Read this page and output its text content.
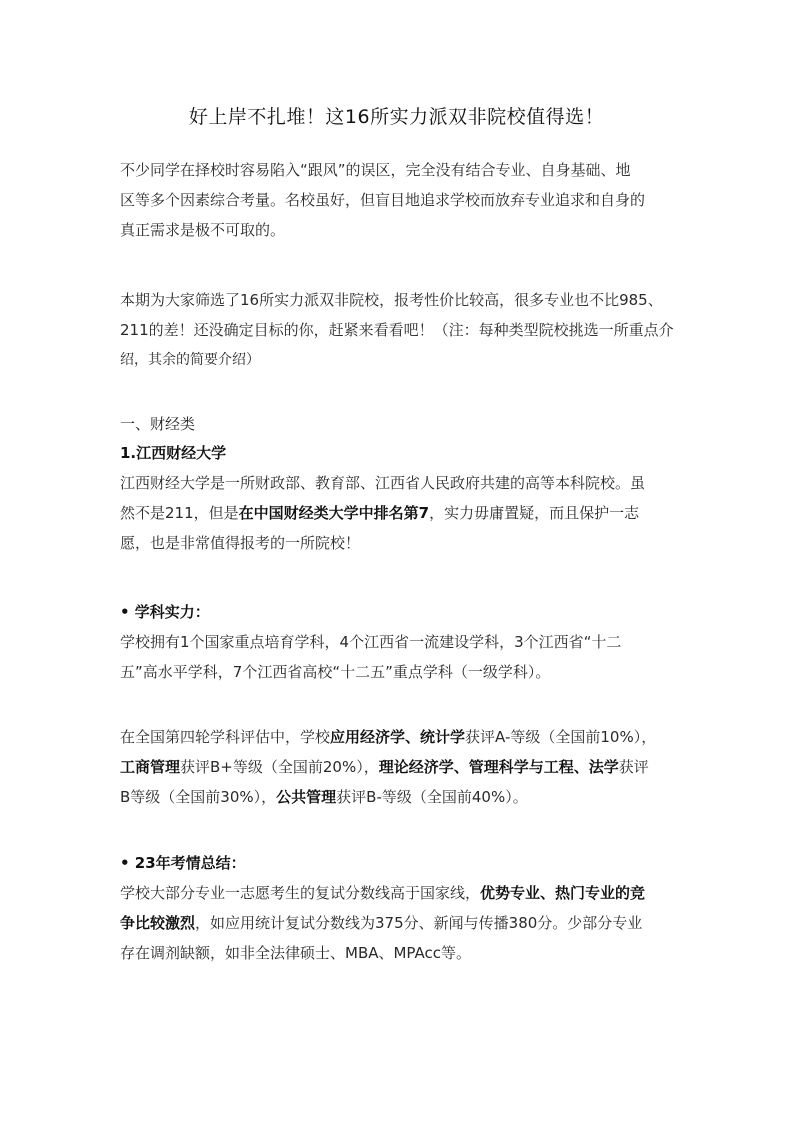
好上岸不扎堆！这16所实力派双非院校值得选！

不少同学在择校时容易陷入“跟风”的误区，完全没有结合专业、自身基础、地

区等多个因素综合考量。名校虽好，但盲目地追求学校而放弃专业追求和自身的

真正需求是极不可取的。

本期为大家筛选了16所实力派双非院校，报考性价比较高，很多专业也不比985、

211的差！还没确定目标的你，赶紧来看看吧！（注：每种类型院校挑选一所重点介

绍，其余的简要介绍）

一、财经类
1.江西财经大学

江西财经大学是一所财政部、教育部、江西省人民政府共建的高等本科院校。虽

然不是211，但是在中国财经类大学中排名第7，实力毋庸置疑，而且保护一志

愿，也是非常值得报考的一所院校！

• 学科实力：

学校拥有1个国家重点培育学科，4个江西省一流建设学科，3个江西省“十二

五”高水平学科，7个江西省高校“十二五”重点学科（一级学科）。

在全国第四轮学科评估中，学校应用经济学、统计学获评A-等级（全国前10%），

工商管理获评B+等级（全国前20%），理论经济学、管理科学与工程、法学获评

B等级（全国前30%），公共管理获评B-等级（全国前40%）。

• 23年考情总结：

学校大部分专业一志愿考生的复试分数线高于国家线，优势专业、热门专业的竞

争比较激烈，如应用统计复试分数线为375分、新闻与传播380分。少部分专业

存在调剂缺额，如非全法律硕士、MBA、MPAcc等。
